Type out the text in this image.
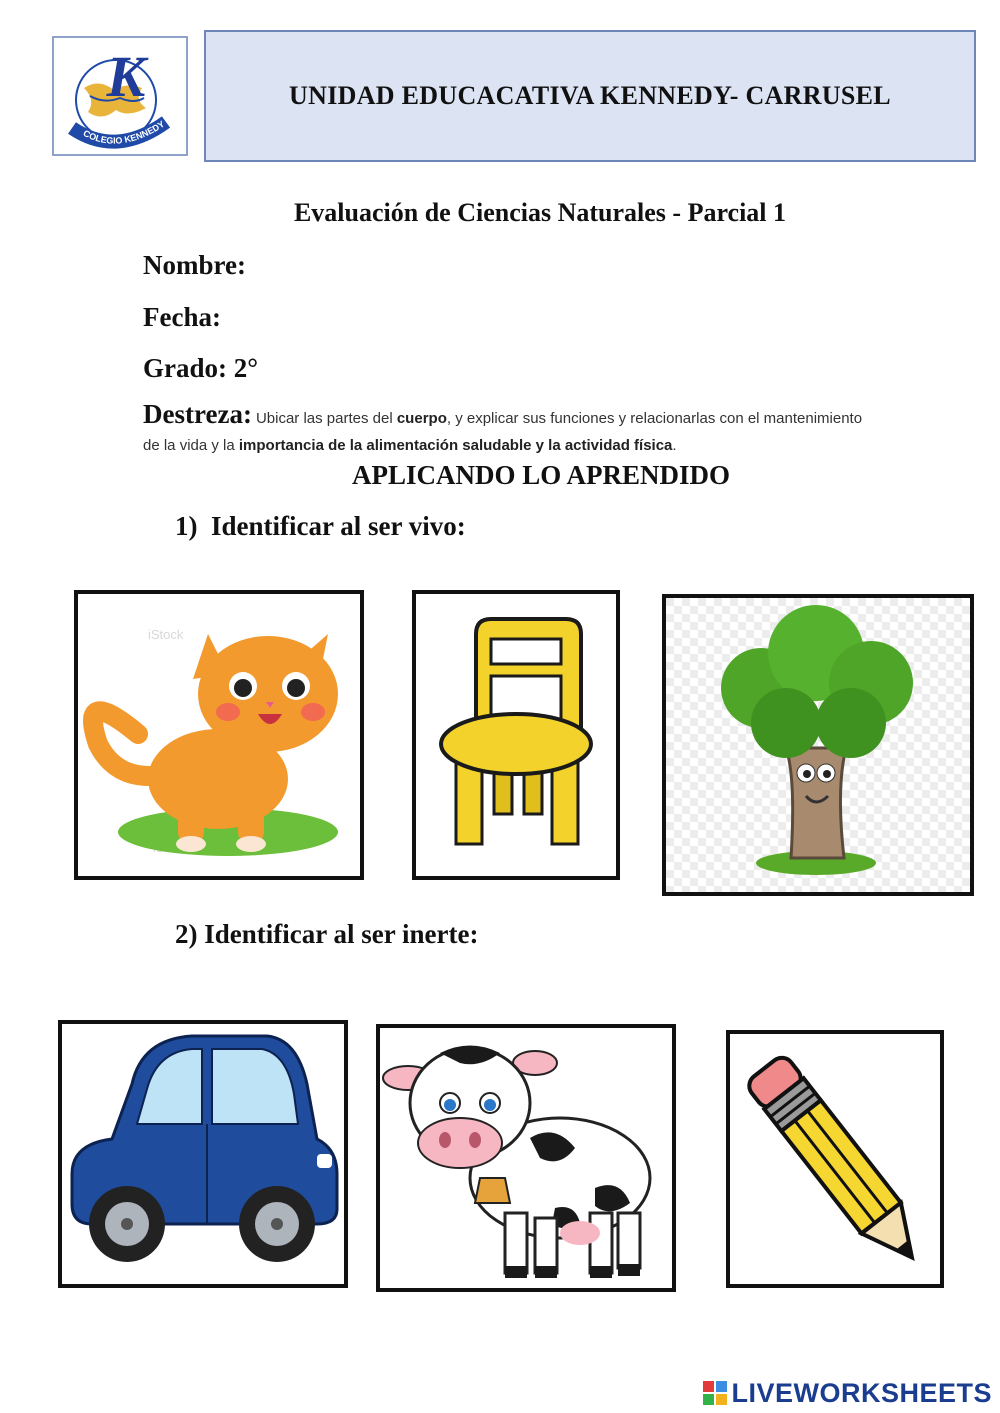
K
COLEGIO KENNEDY
UNIDAD EDUCACATIVA KENNEDY- CARRUSEL
Evaluación de Ciencias Naturales - Parcial 1
Nombre:
Fecha:
Grado: 2°
Destreza: Ubicar las partes del cuerpo, y explicar sus funciones y relacionarlas con el mantenimiento
de la vida y la importancia de la alimentación saludable y la actividad física.
APLICANDO LO APRENDIDO
1) Identificar al ser vivo:
iStock
2) Identificar al ser inerte:
LIVEWORKSHEETS
